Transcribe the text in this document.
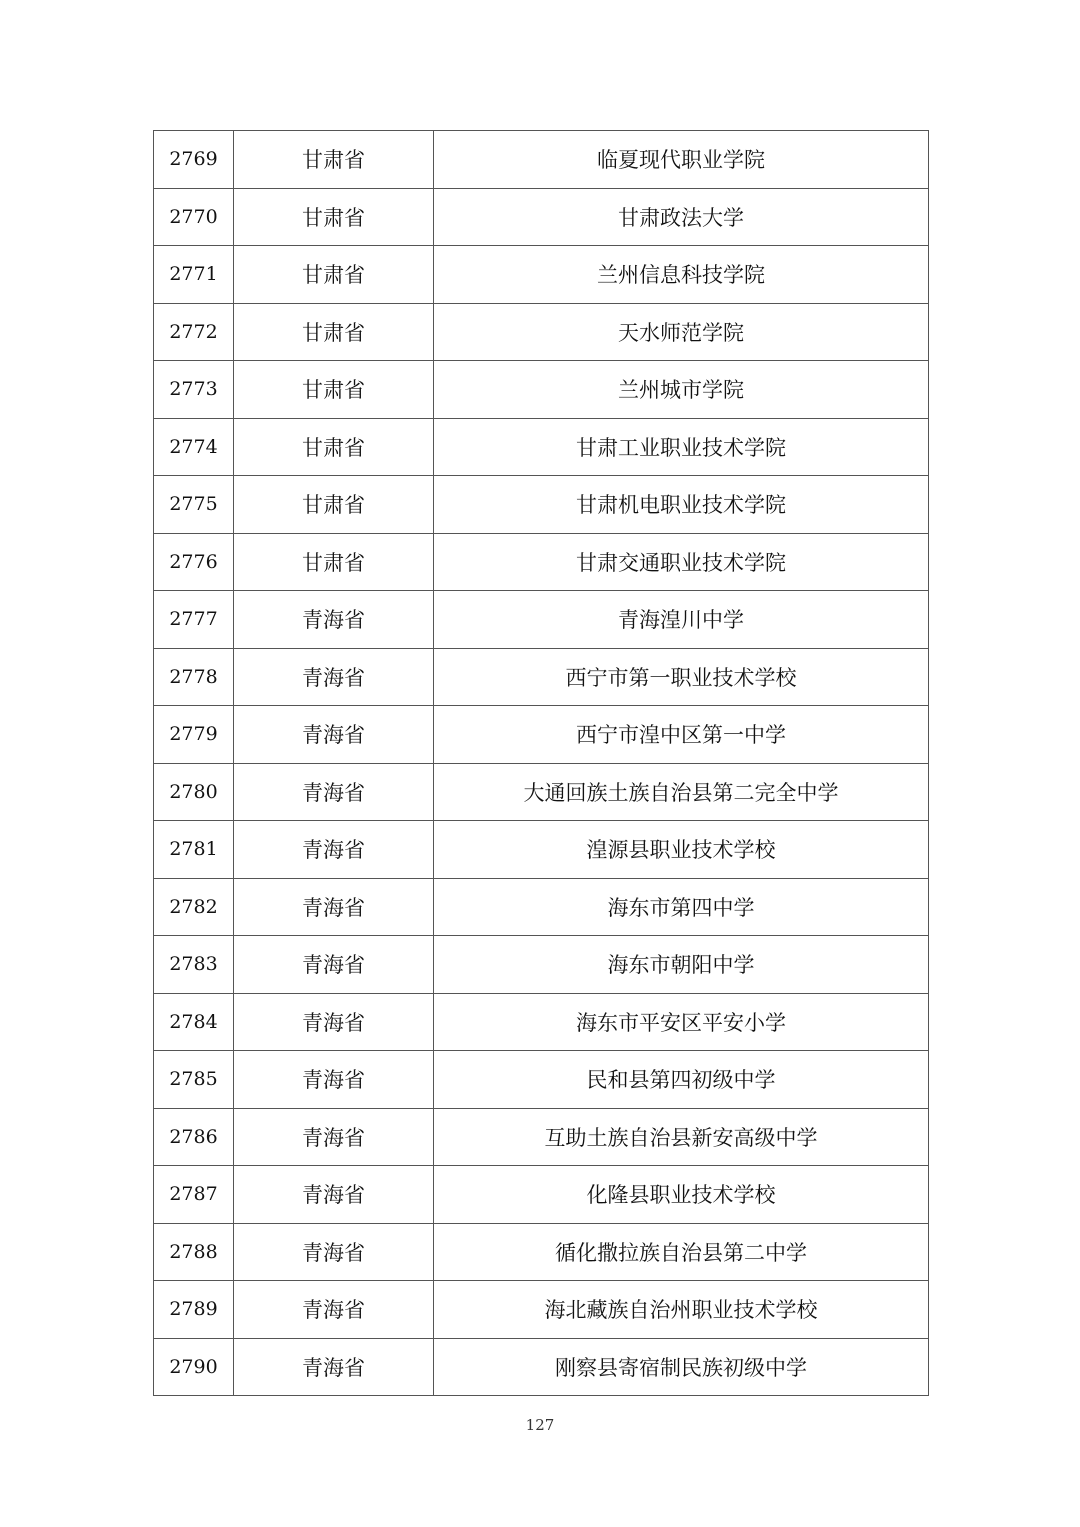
2769	甘肃省	临夏现代职业学院
2770	甘肃省	甘肃政法大学
2771	甘肃省	兰州信息科技学院
2772	甘肃省	天水师范学院
2773	甘肃省	兰州城市学院
2774	甘肃省	甘肃工业职业技术学院
2775	甘肃省	甘肃机电职业技术学院
2776	甘肃省	甘肃交通职业技术学院
2777	青海省	青海湟川中学
2778	青海省	西宁市第一职业技术学校
2779	青海省	西宁市湟中区第一中学
2780	青海省	大通回族土族自治县第二完全中学
2781	青海省	湟源县职业技术学校
2782	青海省	海东市第四中学
2783	青海省	海东市朝阳中学
2784	青海省	海东市平安区平安小学
2785	青海省	民和县第四初级中学
2786	青海省	互助土族自治县新安高级中学
2787	青海省	化隆县职业技术学校
2788	青海省	循化撒拉族自治县第二中学
2789	青海省	海北藏族自治州职业技术学校
2790	青海省	刚察县寄宿制民族初级中学
127
